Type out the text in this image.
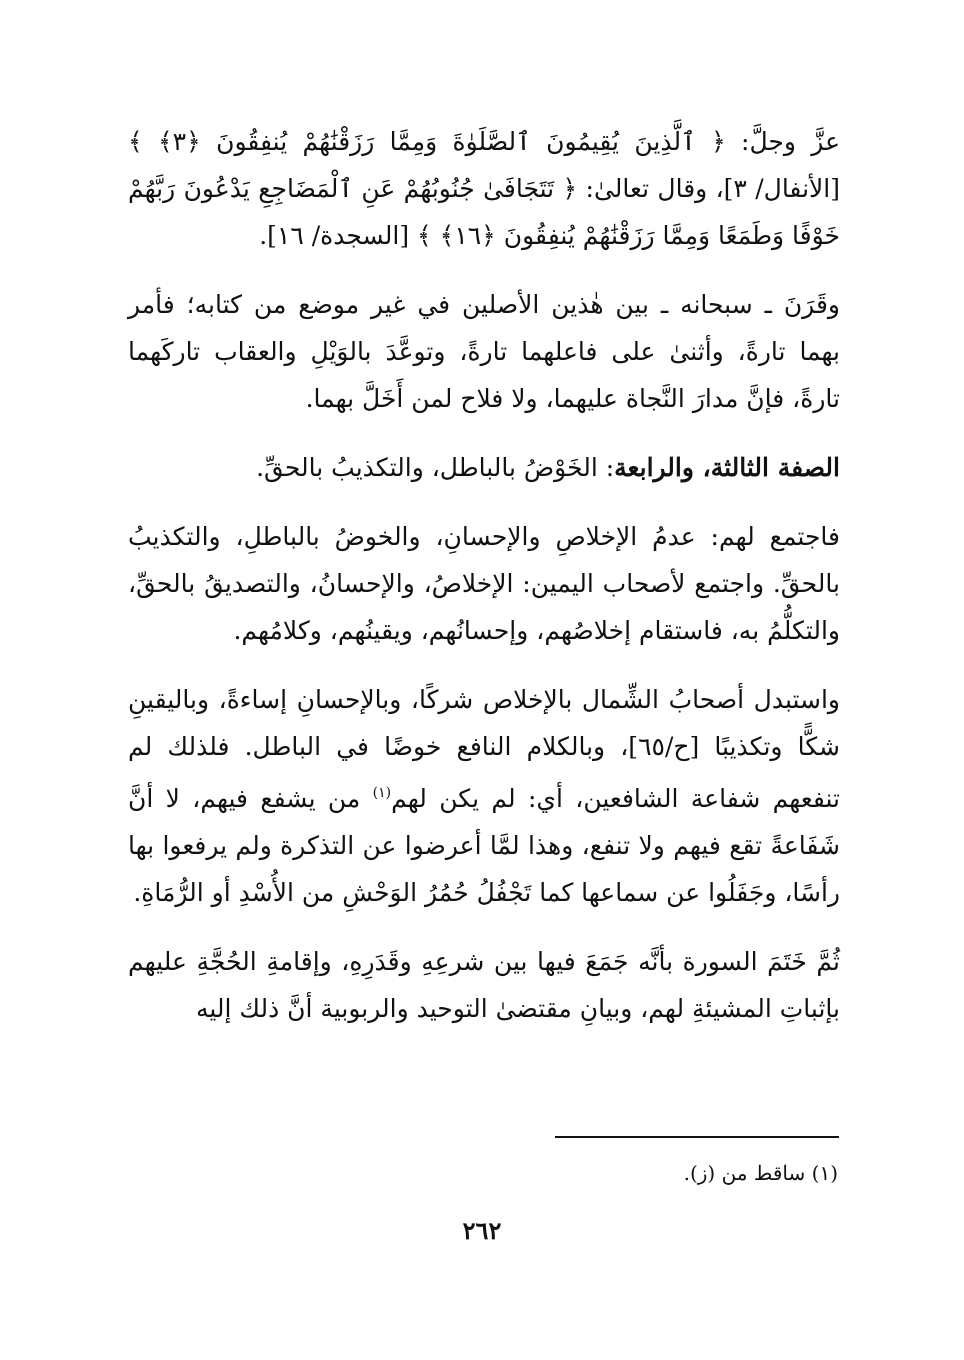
عزَّ وجلَّ: ﴿ ٱلَّذِينَ يُقِيمُونَ ٱلصَّلَوٰةَ وَمِمَّا رَزَقْنَٰهُمْ يُنفِقُونَ ﴿٣﴾ ﴾ [الأنفال/ ٣]، وقال تعالىٰ: ﴿ تَتَجَافَىٰ جُنُوبُهُمْ عَنِ ٱلْمَضَاجِعِ يَدْعُونَ رَبَّهُمْ خَوْفًا وَطَمَعًا وَمِمَّا رَزَقْنَٰهُمْ يُنفِقُونَ ﴿١٦﴾ ﴾ [السجدة/ ١٦].

وقَرَنَ ـ سبحانه ـ بين هٰذين الأصلين في غير موضع من كتابه؛ فأمر بهما تارةً، وأثنىٰ على فاعلهما تارةً، وتوعَّدَ بالوَيْلِ والعقاب تاركَهما تارةً، فإنَّ مدارَ النَّجاة عليهما، ولا فلاح لمن أَخَلَّ بهما.

الصفة الثالثة، والرابعة: الخَوْضُ بالباطل، والتكذيبُ بالحقِّ.

فاجتمع لهم: عدمُ الإخلاصِ والإحسانِ، والخوضُ بالباطلِ، والتكذيبُ بالحقِّ. واجتمع لأصحاب اليمين: الإخلاصُ، والإحسانُ، والتصديقُ بالحقِّ، والتكلُّمُ به، فاستقام إخلاصُهم، وإحسانُهم، ويقينُهم، وكلامُهم.

واستبدل أصحابُ الشِّمال بالإخلاص شركًا، وبالإحسانِ إساءةً، وباليقينِ شكًّا وتكذيبًا [ح/٦٥]، وبالكلام النافع خوضًا في الباطل. فلذلك لم تنفعهم شفاعة الشافعين، أي: لم يكن لهم$^{(١)}$ من يشفع فيهم، لا أنَّ شَفَاعةً تقع فيهم ولا تنفع، وهذا لمَّا أعرضوا عن التذكرة ولم يرفعوا بها رأسًا، وجَفَلُوا عن سماعها كما تَجْفُلُ حُمُرُ الوَحْشِ من الأُسْدِ أو الرُّمَاةِ.

ثُمَّ خَتَمَ السورة بأنَّه جَمَعَ فيها بين شرعِهِ وقَدَرِهِ، وإقامةِ الحُجَّةِ عليهم بإثباتِ المشيئةِ لهم، وبيانِ مقتضىٰ التوحيد والربوبية أنَّ ذلك إليه

(١) ساقط من (ز).
٢٦٢
